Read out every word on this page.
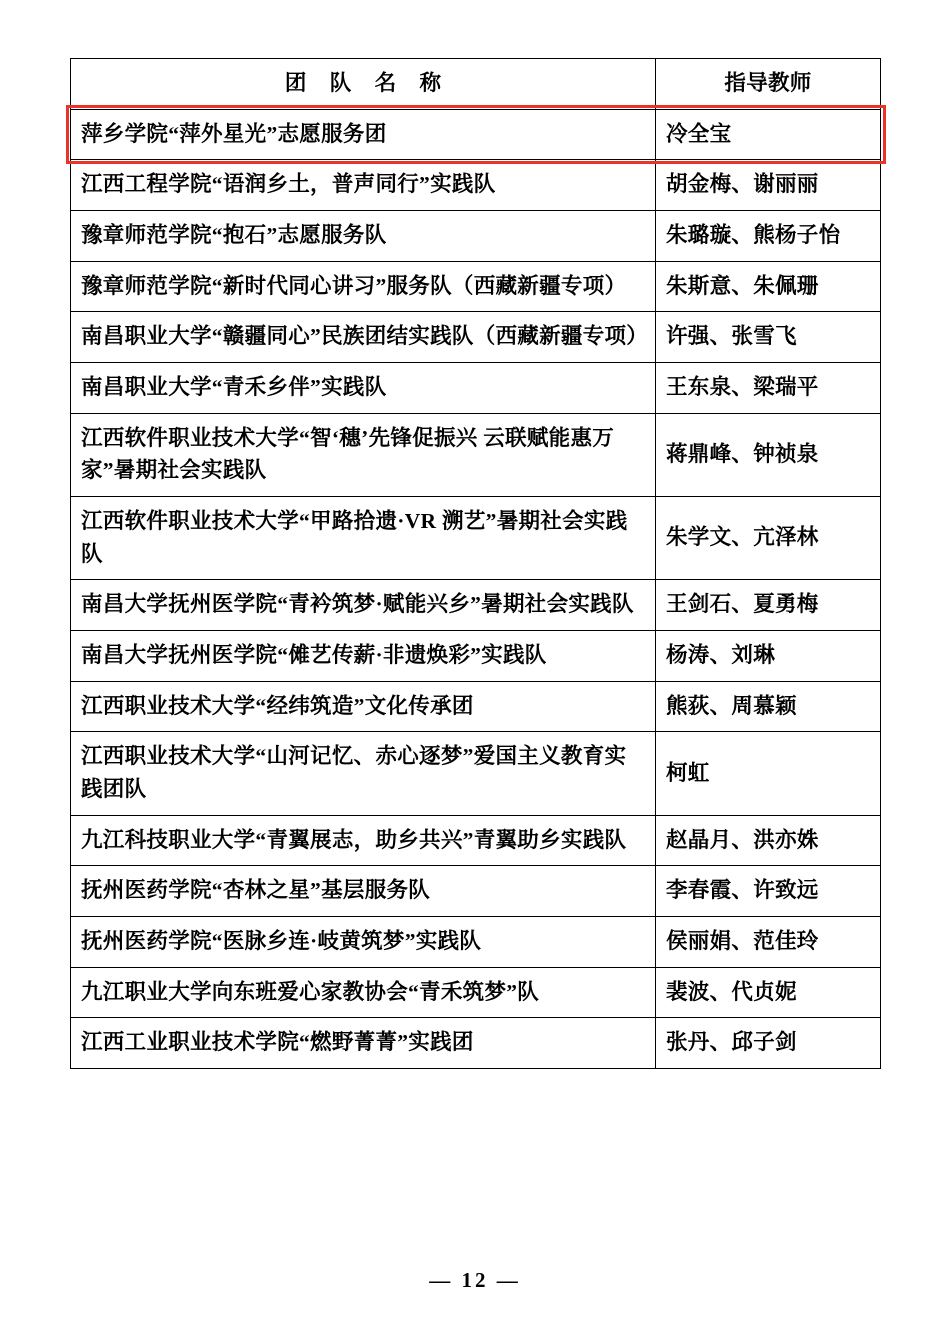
团 队 名 称	指导教师
萍乡学院“萍外星光”志愿服务团	冷全宝
江西工程学院“语润乡土，普声同行”实践队	胡金梅、谢丽丽
豫章师范学院“抱石”志愿服务队	朱璐璇、熊杨子怡
豫章师范学院“新时代同心讲习”服务队（西藏新疆专项）	朱斯意、朱佩珊
南昌职业大学“赣疆同心”民族团结实践队（西藏新疆专项）	许强、张雪飞
南昌职业大学“青禾乡伴”实践队	王东泉、梁瑞平
江西软件职业技术大学“智‘穗’先锋促振兴 云联赋能惠万家”暑期社会实践队	蒋鼎峰、钟祯泉
江西软件职业技术大学“甲路拾遗·VR 溯艺”暑期社会实践队	朱学文、亢泽林
南昌大学抚州医学院“青衿筑梦·赋能兴乡”暑期社会实践队	王剑石、夏勇梅
南昌大学抚州医学院“傩艺传薪·非遗焕彩”实践队	杨涛、刘琳
江西职业技术大学“经纬筑造”文化传承团	熊荻、周慕颖
江西职业技术大学“山河记忆、赤心逐梦”爱国主义教育实践团队	柯虹
九江科技职业大学“青翼展志，助乡共兴”青翼助乡实践队	赵晶月、洪亦姝
抚州医药学院“杏林之星”基层服务队	李春霞、许致远
抚州医药学院“医脉乡连·岐黄筑梦”实践队	侯丽娟、范佳玲
九江职业大学向东班爱心家教协会“青禾筑梦”队	裴波、代贞妮
江西工业职业技术学院“燃野菁菁”实践团	张丹、邱子剑
— 12 —
